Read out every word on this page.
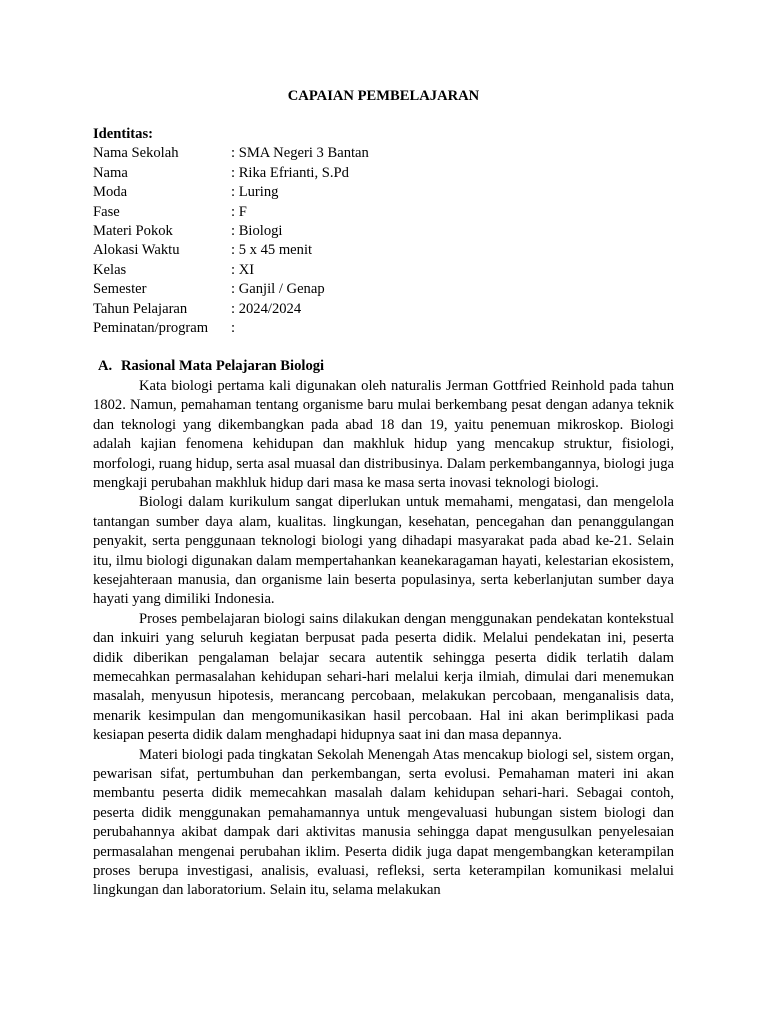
CAPAIAN PEMBELAJARAN
Identitas:
Nama Sekolah	: SMA Negeri 3 Bantan
Nama	: Rika Efrianti, S.Pd
Moda	: Luring
Fase	: F
Materi Pokok	: Biologi
Alokasi Waktu	: 5 x 45 menit
Kelas	: XI
Semester	: Ganjil / Genap
Tahun Pelajaran	: 2024/2024
Peminatan/program	:
A. Rasional Mata Pelajaran Biologi

Kata biologi pertama kali digunakan oleh naturalis Jerman Gottfried Reinhold pada tahun 1802. Namun, pemahaman tentang organisme baru mulai berkembang pesat dengan adanya teknik dan teknologi yang dikembangkan pada abad 18 dan 19, yaitu penemuan mikroskop. Biologi adalah kajian fenomena kehidupan dan makhluk hidup yang mencakup struktur, fisiologi, morfologi, ruang hidup, serta asal muasal dan distribusinya. Dalam perkembangannya, biologi juga mengkaji perubahan makhluk hidup dari masa ke masa serta inovasi teknologi biologi.

Biologi dalam kurikulum sangat diperlukan untuk memahami, mengatasi, dan mengelola tantangan sumber daya alam, kualitas. lingkungan, kesehatan, pencegahan dan penanggulangan penyakit, serta penggunaan teknologi biologi yang dihadapi masyarakat pada abad ke-21. Selain itu, ilmu biologi digunakan dalam mempertahankan keanekaragaman hayati, kelestarian ekosistem, kesejahteraan manusia, dan organisme lain beserta populasinya, serta keberlanjutan sumber daya hayati yang dimiliki Indonesia.

Proses pembelajaran biologi sains dilakukan dengan menggunakan pendekatan kontekstual dan inkuiri yang seluruh kegiatan berpusat pada peserta didik. Melalui pendekatan ini, peserta didik diberikan pengalaman belajar secara autentik sehingga peserta didik terlatih dalam memecahkan permasalahan kehidupan sehari-hari melalui kerja ilmiah, dimulai dari menemukan masalah, menyusun hipotesis, merancang percobaan, melakukan percobaan, menganalisis data, menarik kesimpulan dan mengomunikasikan hasil percobaan. Hal ini akan berimplikasi pada kesiapan peserta didik dalam menghadapi hidupnya saat ini dan masa depannya.

Materi biologi pada tingkatan Sekolah Menengah Atas mencakup biologi sel, sistem organ, pewarisan sifat, pertumbuhan dan perkembangan, serta evolusi. Pemahaman materi ini akan membantu peserta didik memecahkan masalah dalam kehidupan sehari-hari. Sebagai contoh, peserta didik menggunakan pemahamannya untuk mengevaluasi hubungan sistem biologi dan perubahannya akibat dampak dari aktivitas manusia sehingga dapat mengusulkan penyelesaian permasalahan mengenai perubahan iklim. Peserta didik juga dapat mengembangkan keterampilan proses berupa investigasi, analisis, evaluasi, refleksi, serta keterampilan komunikasi melalui lingkungan dan laboratorium. Selain itu, selama melakukan
